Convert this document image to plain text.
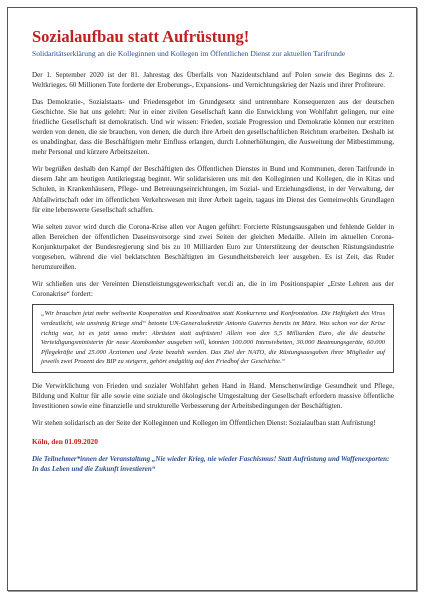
Sozialaufbau statt Aufrüstung!
Solidaritätserklärung an die Kolleginnen und Kollegen im Öffentlichen Dienst zur aktuellen Tarifrunde

Der 1. September 2020 ist der 81. Jahrestag des Überfalls von Nazideutschland auf Polen sowie des Beginns des 2. Weltkrieges. 60 Millionen Tote forderte der Eroberungs-, Expansions- und Vernichtungskrieg der Nazis und ihrer Profiteure.

Das Demokratie-, Sozialstaats- und Friedensgebot im Grundgesetz sind untrennbare Konsequenzen aus der deutschen Geschichte. Sie hat uns gelehrt: Nur in einer zivilen Gesellschaft kann die Entwicklung von Wohlfahrt gelingen, nur eine friedliche Gesellschaft ist demokratisch. Und wir wissen: Frieden, soziale Progression und Demokratie können nur erstritten werden von denen, die sie brauchen, von denen, die durch ihre Arbeit den gesellschaftlichen Reichtum erarbeiten. Deshalb ist es unabdingbar, dass die Beschäftigten mehr Einfluss erlangen, durch Lohnerhöhungen, die Ausweitung der Mitbestimmung, mehr Personal und kürzere Arbeitszeiten.

Wir begrüßen deshalb den Kampf der Beschäftigten des Öffentlichen Dienstes in Bund und Kommunen, deren Tarifrunde in diesem Jahr am heutigen Antikriegstag beginnt. Wir solidarisieren uns mit den Kolleginnen und Kollegen, die in Kitas und Schulen, in Krankenhäusern, Pflege- und Betreuungseinrichtungen, im Sozial- und Erziehungsdienst, in der Verwaltung, der Abfallwirtschaft oder im öffentlichen Verkehrswesen mit ihrer Arbeit tagein, tagaus im Dienst des Gemeinwohls Grundlagen für eine lebenswerte Gesellschaft schaffen.

Wie selten zuvor wird durch die Corona-Krise allen vor Augen geführt: Forcierte Rüstungsausgaben und fehlende Gelder in allen Bereichen der öffentlichen Daseinsvorsorge sind zwei Seiten der gleichen Medaille. Allein im aktuellen Corona-Konjunkturpaket der Bundesregierung sind bis zu 10 Milliarden Euro zur Unterstützung der deutschen Rüstungsindustrie vorgesehen, während die viel beklatschten Beschäftigten im Gesundheitsbereich leer ausgehen. Es ist Zeit, das Ruder herumzureißen.

Wir schließen uns der Vereinten Dienstleistungsgewerkschaft ver.di an, die in im Positionspapier „Erste Lehren aus der Coronakrise“ fordert:

„Wir brauchen jetzt mehr weltweite Kooperation und Koordination statt Konkurrenz und Konfrontation. Die Heftigkeit des Virus verdeutlicht, wie unsinnig Kriege sind“ betonte UN-Generalsekretär Antonio Guterres bereits im März. Was schon vor der Krise richtig war, ist es jetzt umso mehr: Abrüsten statt aufrüsten! Allein von den 5,5 Milliarden Euro, die die deutsche Verteidigungsministerin für neue Atombomber ausgeben will, könnten 100.000 Intensivbetten, 30.000 Beatmungsgeräte, 60.000 Pflegekräfte und 25.000 Ärztinnen und Ärzte bezahlt werden. Das Ziel der NATO, die Rüstungsausgaben ihrer Mitglieder auf jeweils zwei Prozent des BIP zu steigern, gehört endgültig auf den Friedhof der Geschichte.“

Die Verwirklichung von Frieden und sozialer Wohlfahrt gehen Hand in Hand. Menschenwürdige Gesundheit und Pflege, Bildung und Kultur für alle sowie eine soziale und ökologische Umgestaltung der Gesellschaft erfordern massive öffentliche Investitionen sowie eine finanzielle und strukturelle Verbesserung der Arbeitsbedingungen der Beschäftigten.

Wir stehen solidarisch an der Seite der Kolleginnen und Kollegen im Öffentlichen Dienst: Sozialaufbau statt Aufrüstung!

Köln, den 01.09.2020
Die Teilnehmer*innen der Veranstaltung „Nie wieder Krieg, nie wieder Faschismus! Statt Aufrüstung und Waffenexporten: In das Leben und die Zukunft investieren“
